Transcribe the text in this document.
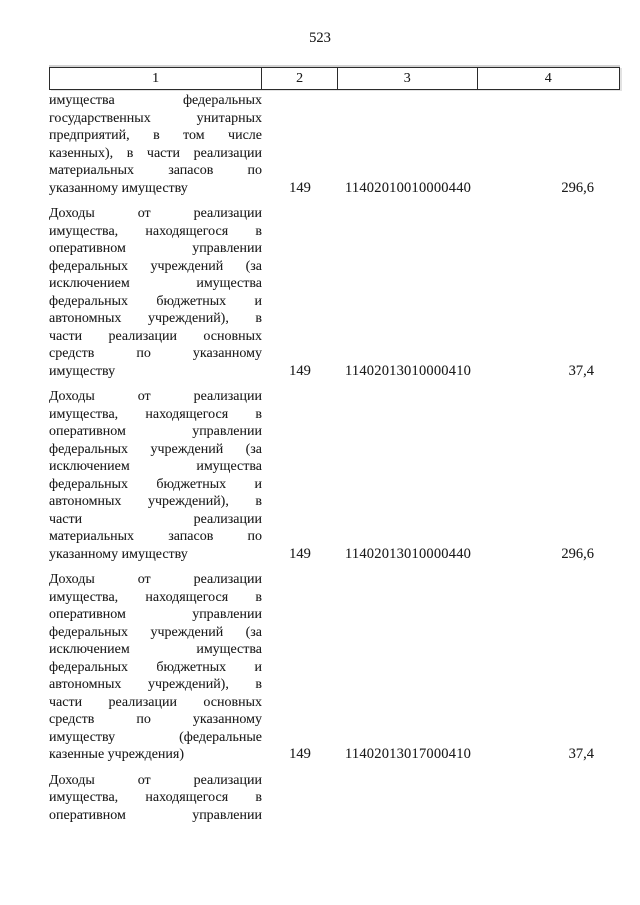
523
1	2	3	4
имущества федеральных
государственных унитарных
предприятий, в том числе
казенных), в части реализации
материальных запасов по
указанному имуществу	149	11402010010000440	296,6
Доходы от реализации
имущества, находящегося в
оперативном управлении
федеральных учреждений (за
исключением имущества
федеральных бюджетных и
автономных учреждений), в
части реализации основных
средств по указанному
имуществу	149	11402013010000410	37,4
Доходы от реализации
имущества, находящегося в
оперативном управлении
федеральных учреждений (за
исключением имущества
федеральных бюджетных и
автономных учреждений), в
части реализации
материальных запасов по
указанному имуществу	149	11402013010000440	296,6
Доходы от реализации
имущества, находящегося в
оперативном управлении
федеральных учреждений (за
исключением имущества
федеральных бюджетных и
автономных учреждений), в
части реализации основных
средств по указанному
имуществу (федеральные
казенные учреждения)	149	11402013017000410	37,4
Доходы от реализации
имущества, находящегося в
оперативном управлении
